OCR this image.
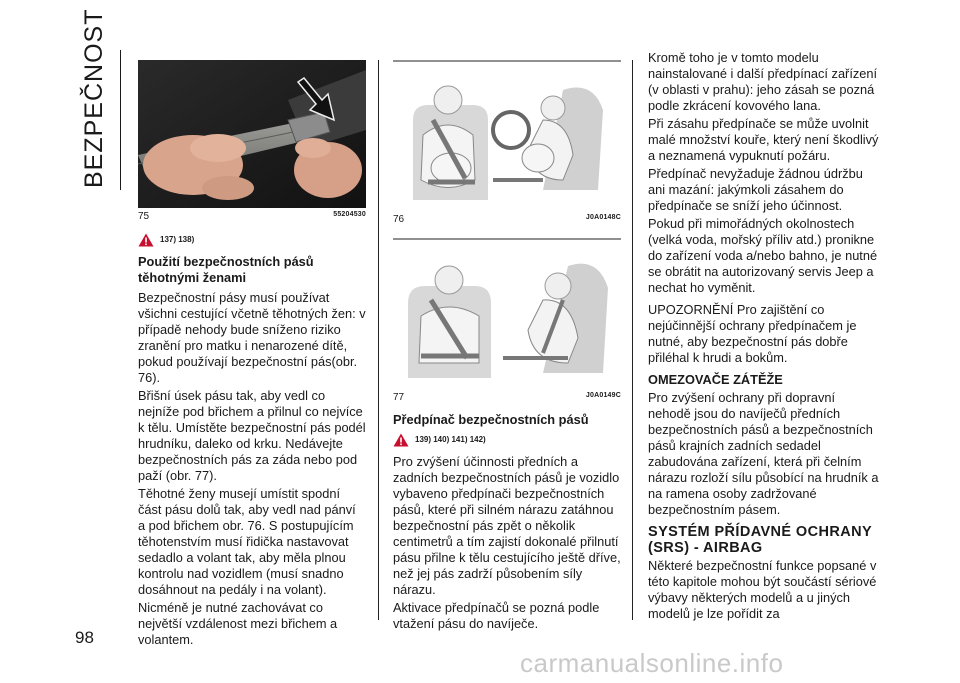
BEZPEČNOST
98
75	55204530
137) 138)
Použití bezpečnostních pásů těhotnými ženami

Bezpečnostní pásy musí používat všichni cestující včetně těhotných žen: v případě nehody bude sníženo riziko zranění pro matku i nenarozené dítě, pokud používají bezpečnostní pás(obr. 76).

Břišní úsek pásu tak, aby vedl co nejníže pod břichem a přilnul co nejvíce k tělu. Umístěte bezpečnostní pás podél hrudníku, daleko od krku. Nedávejte bezpečnostních pás za záda nebo pod paží (obr. 77).

Těhotné ženy musejí umístit spodní část pásu dolů tak, aby vedl nad pánví a pod břichem obr. 76. S postupujícím těhotenstvím musí řidička nastavovat sedadlo a volant tak, aby měla plnou kontrolu nad vozidlem (musí snadno dosáhnout na pedály i na volant).

Nicméně je nutné zachovávat co největší vzdálenost mezi břichem a volantem.

76	J0A0148C
77	J0A0149C
Předpínač bezpečnostních pásů
139) 140) 141) 142)

Pro zvýšení účinnosti předních a zadních bezpečnostních pásů je vozidlo vybaveno předpínači bezpečnostních pásů, které při silném nárazu zatáhnou bezpečnostní pás zpět o několik centimetrů a tím zajistí dokonalé přilnutí pásu přilne k tělu cestujícího ještě dříve, než jej pás zadrží působením síly nárazu.

Aktivace předpínačů se pozná podle vtažení pásu do navíječe.

Kromě toho je v tomto modelu nainstalované i další předpínací zařízení (v oblasti v prahu): jeho zásah se pozná podle zkrácení kovového lana.

Při zásahu předpínače se může uvolnit malé množství kouře, který není škodlivý a neznamená vypuknutí požáru.

Předpínač nevyžaduje žádnou údržbu ani mazání: jakýmkoli zásahem do předpínače se sníží jeho účinnost.

Pokud při mimořádných okolnostech (velká voda, mořský příliv atd.) pronikne do zařízení voda a/nebo bahno, je nutné se obrátit na autorizovaný servis Jeep a nechat ho vyměnit.

UPOZORNĚNÍ Pro zajištění co nejúčinnější ochrany předpínačem je nutné, aby bezpečnostní pás dobře přiléhal k hrudi a bokům.

OMEZOVAČE ZÁTĚŽE

Pro zvýšení ochrany při dopravní nehodě jsou do navíječů předních bezpečnostních pásů a bezpečnostních pásů krajních zadních sedadel zabudována zařízení, která při čelním nárazu rozloží sílu působící na hrudník a na ramena osoby zadržované bezpečnostním pásem.

SYSTÉM PŘÍDAVNÉ OCHRANY (SRS) - AIRBAG

Některé bezpečnostní funkce popsané v této kapitole mohou být součástí sériové výbavy některých modelů a u jiných modelů je lze pořídit za

carmanualsonline.info
